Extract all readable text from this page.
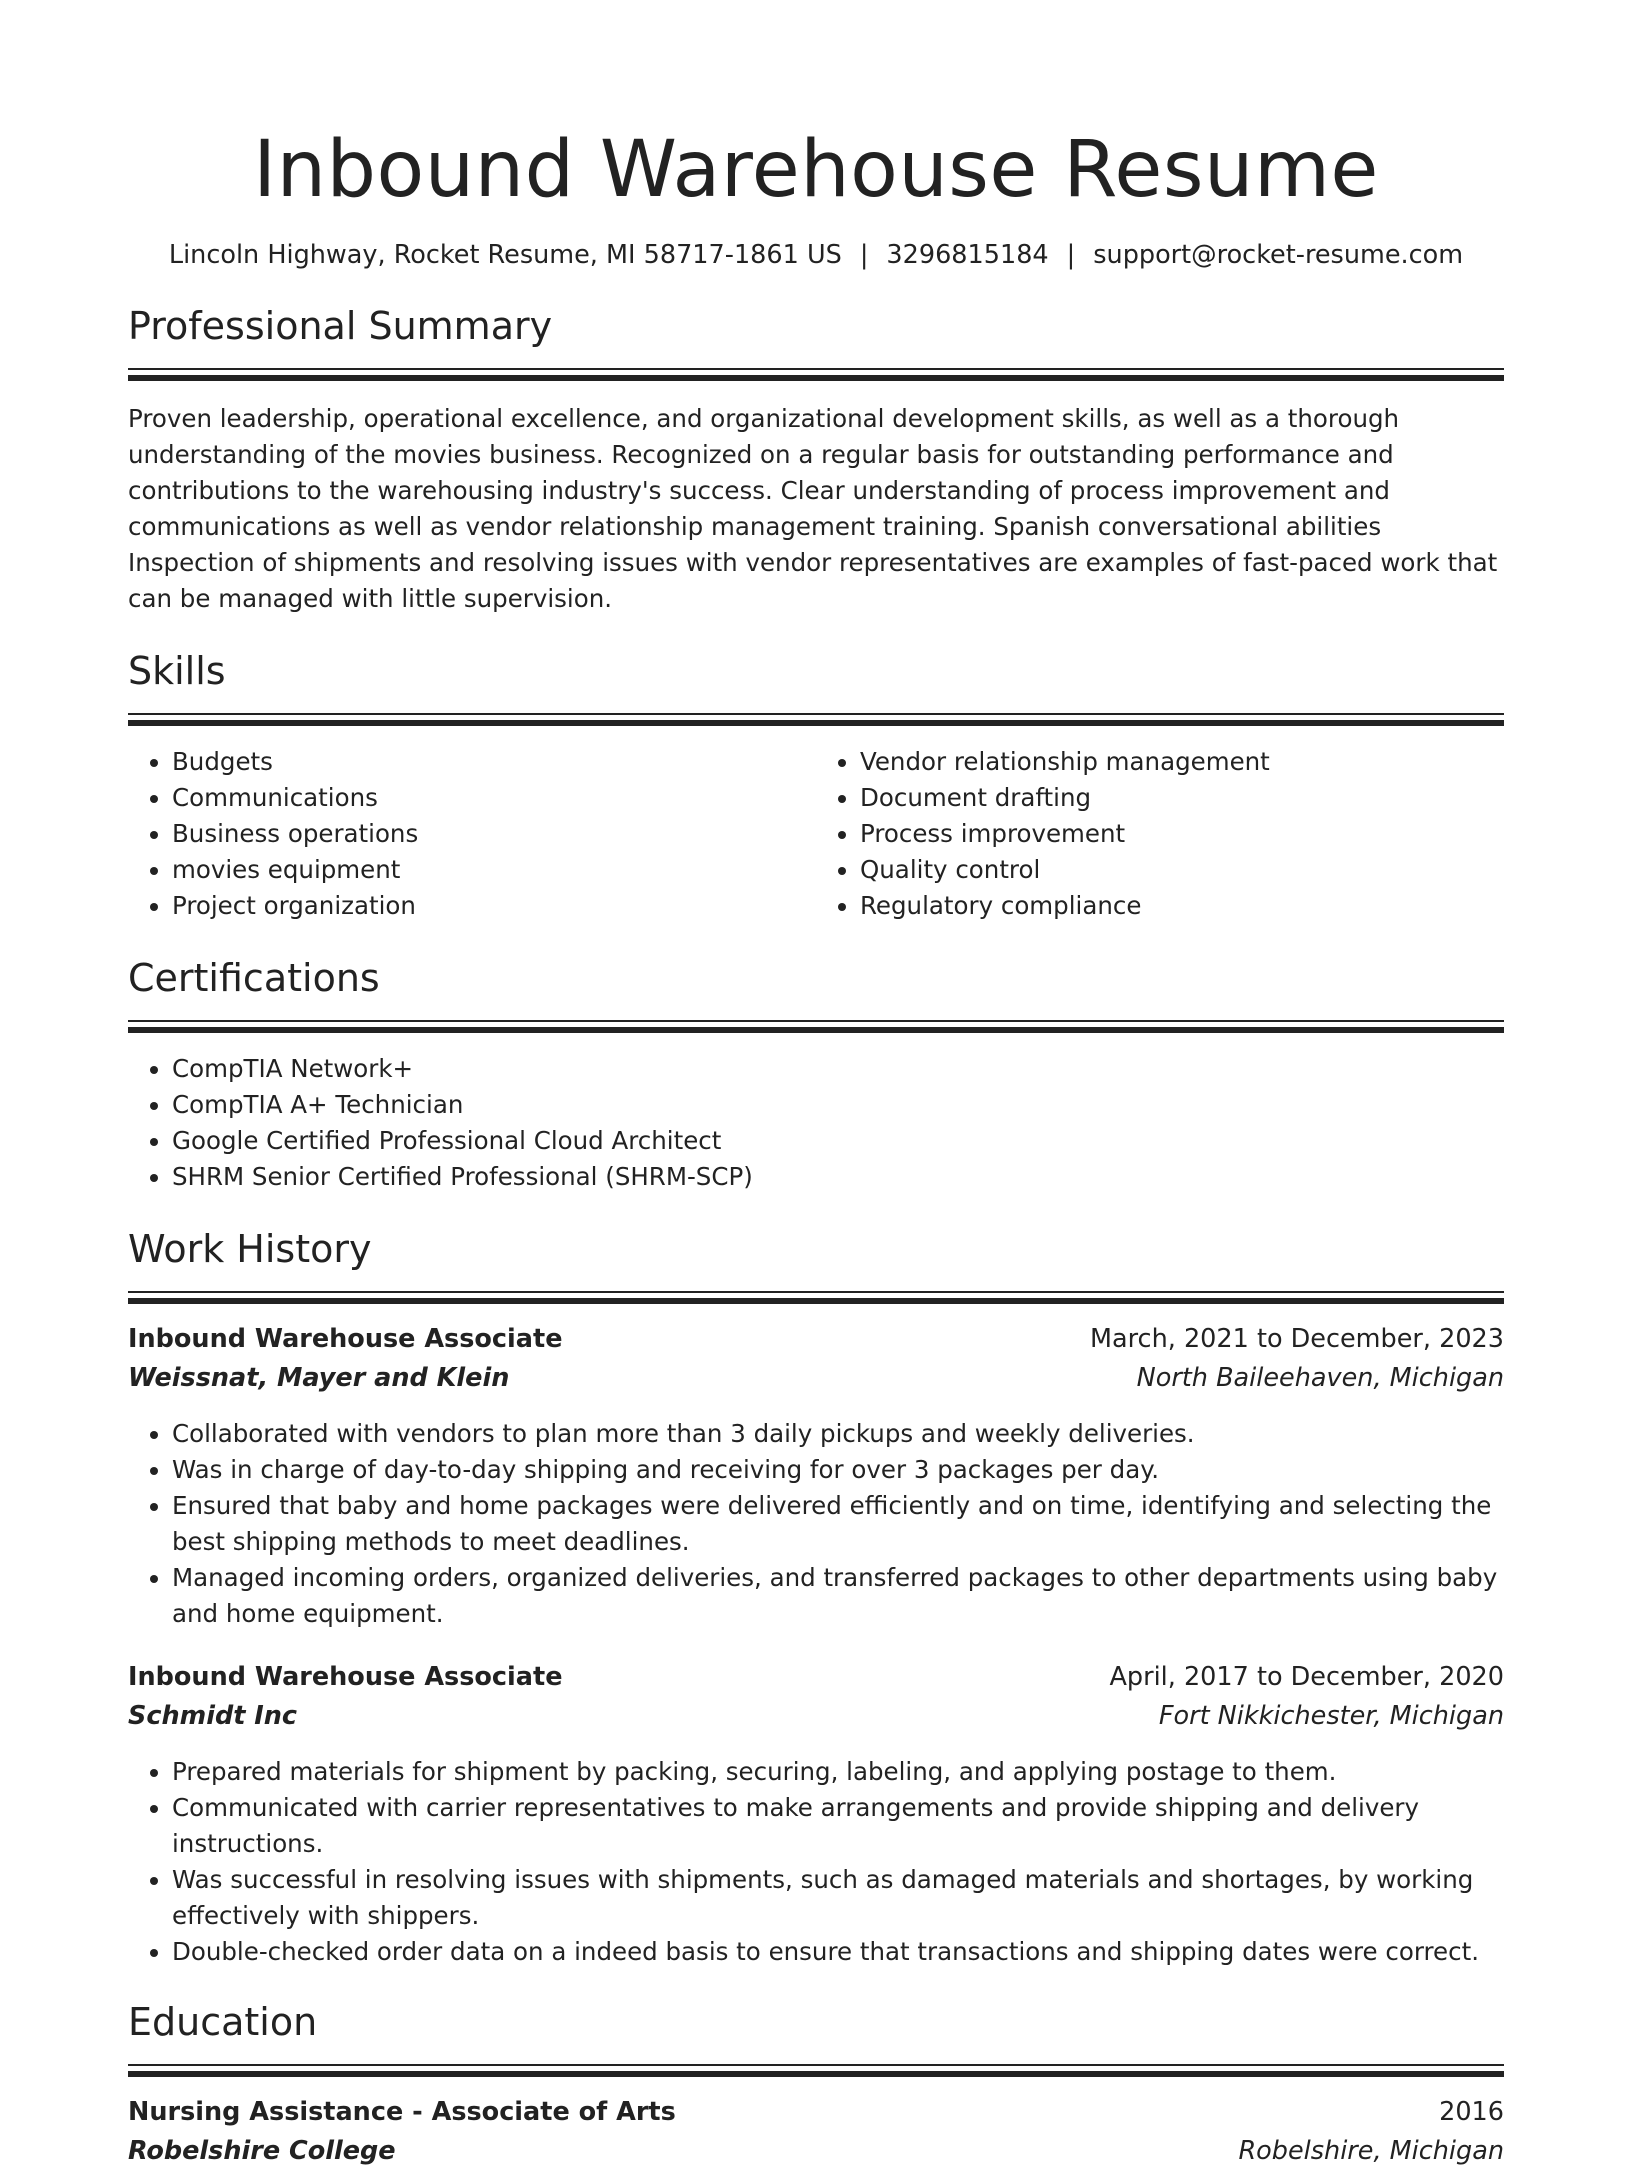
Inbound Warehouse Resume
Lincoln Highway, Rocket Resume, MI 58717-1861 US | 3296815184 | support@rocket-resume.com
Professional Summary

Proven leadership, operational excellence, and organizational development skills, as well as a thorough understanding of the movies business. Recognized on a regular basis for outstanding performance and contributions to the warehousing industry's success. Clear understanding of process improvement and communications as well as vendor relationship management training. Spanish conversational abilities Inspection of shipments and resolving issues with vendor representatives are examples of fast-paced work that can be managed with little supervision.

Skills
• Budgets
• Communications
• Business operations
• movies equipment
• Project organization
• Vendor relationship management
• Document drafting
• Process improvement
• Quality control
• Regulatory compliance
Certifications
• CompTIA Network+
• CompTIA A+ Technician
• Google Certified Professional Cloud Architect
• SHRM Senior Certified Professional (SHRM-SCP)
Work History
Inbound Warehouse Associate	March, 2021 to December, 2023
Weissnat, Mayer and Klein	North Baileehaven, Michigan
• Collaborated with vendors to plan more than 3 daily pickups and weekly deliveries.
• Was in charge of day-to-day shipping and receiving for over 3 packages per day.
• Ensured that baby and home packages were delivered efficiently and on time, identifying and selecting the best shipping methods to meet deadlines.
• Managed incoming orders, organized deliveries, and transferred packages to other departments using baby and home equipment.
Inbound Warehouse Associate	April, 2017 to December, 2020
Schmidt Inc	Fort Nikkichester, Michigan
• Prepared materials for shipment by packing, securing, labeling, and applying postage to them.
• Communicated with carrier representatives to make arrangements and provide shipping and delivery instructions.
• Was successful in resolving issues with shipments, such as damaged materials and shortages, by working effectively with shippers.
• Double-checked order data on a indeed basis to ensure that transactions and shipping dates were correct.
Education
Nursing Assistance - Associate of Arts	2016
Robelshire College	Robelshire, Michigan
